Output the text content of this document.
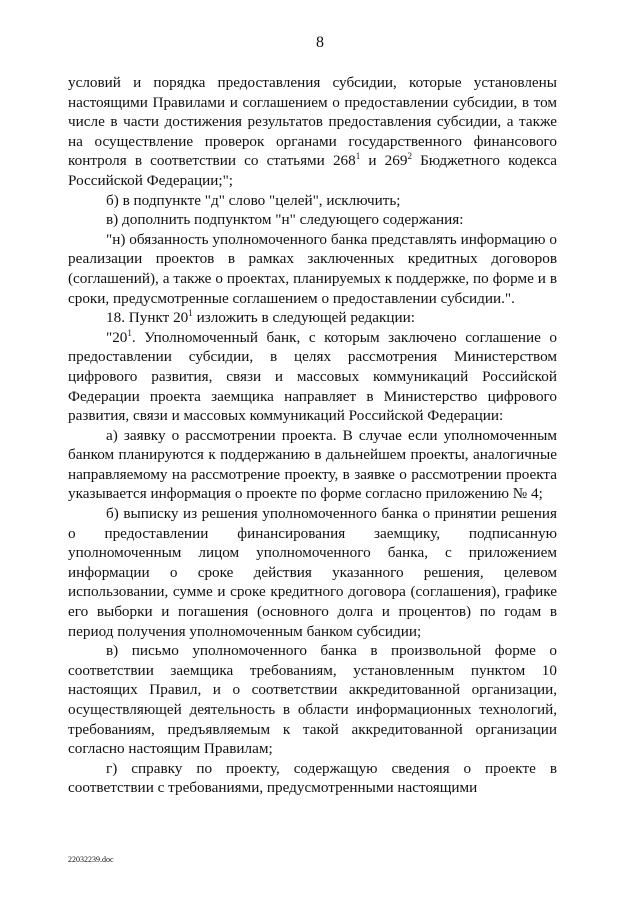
8

условий и порядка предоставления субсидии, которые установлены настоящими Правилами и соглашением о предоставлении субсидии, в том числе в части достижения результатов предоставления субсидии, а также на осуществление проверок органами государственного финансового контроля в соответствии со статьями $268^1$ и $269^2$ Бюджетного кодекса Российской Федерации;";

б) в подпункте "д" слово "целей", исключить;

в) дополнить подпунктом "н" следующего содержания:

"н) обязанность уполномоченного банка представлять информацию о реализации проектов в рамках заключенных кредитных договоров (соглашений), а также о проектах, планируемых к поддержке, по форме и в сроки, предусмотренные соглашением о предоставлении субсидии.".

18. Пункт $20^1$ изложить в следующей редакции:

"$20^1$. Уполномоченный банк, с которым заключено соглашение о предоставлении субсидии, в целях рассмотрения Министерством цифрового развития, связи и массовых коммуникаций Российской Федерации проекта заемщика направляет в Министерство цифрового развития, связи и массовых коммуникаций Российской Федерации:

а) заявку о рассмотрении проекта. В случае если уполномоченным банком планируются к поддержанию в дальнейшем проекты, аналогичные направляемому на рассмотрение проекту, в заявке о рассмотрении проекта указывается информация о проекте по форме согласно приложению № 4;

б) выписку из решения уполномоченного банка о принятии решения о предоставлении финансирования заемщику, подписанную уполномоченным лицом уполномоченного банка, с приложением информации о сроке действия указанного решения, целевом использовании, сумме и сроке кредитного договора (соглашения), графике его выборки и погашения (основного долга и процентов) по годам в период получения уполномоченным банком субсидии;

в) письмо уполномоченного банка в произвольной форме о соответствии заемщика требованиям, установленным пунктом 10 настоящих Правил, и о соответствии аккредитованной организации, осуществляющей деятельность в области информационных технологий, требованиям, предъявляемым к такой аккредитованной организации согласно настоящим Правилам;

г) справку по проекту, содержащую сведения о проекте в соответствии с требованиями, предусмотренными настоящими

22032239.doc
